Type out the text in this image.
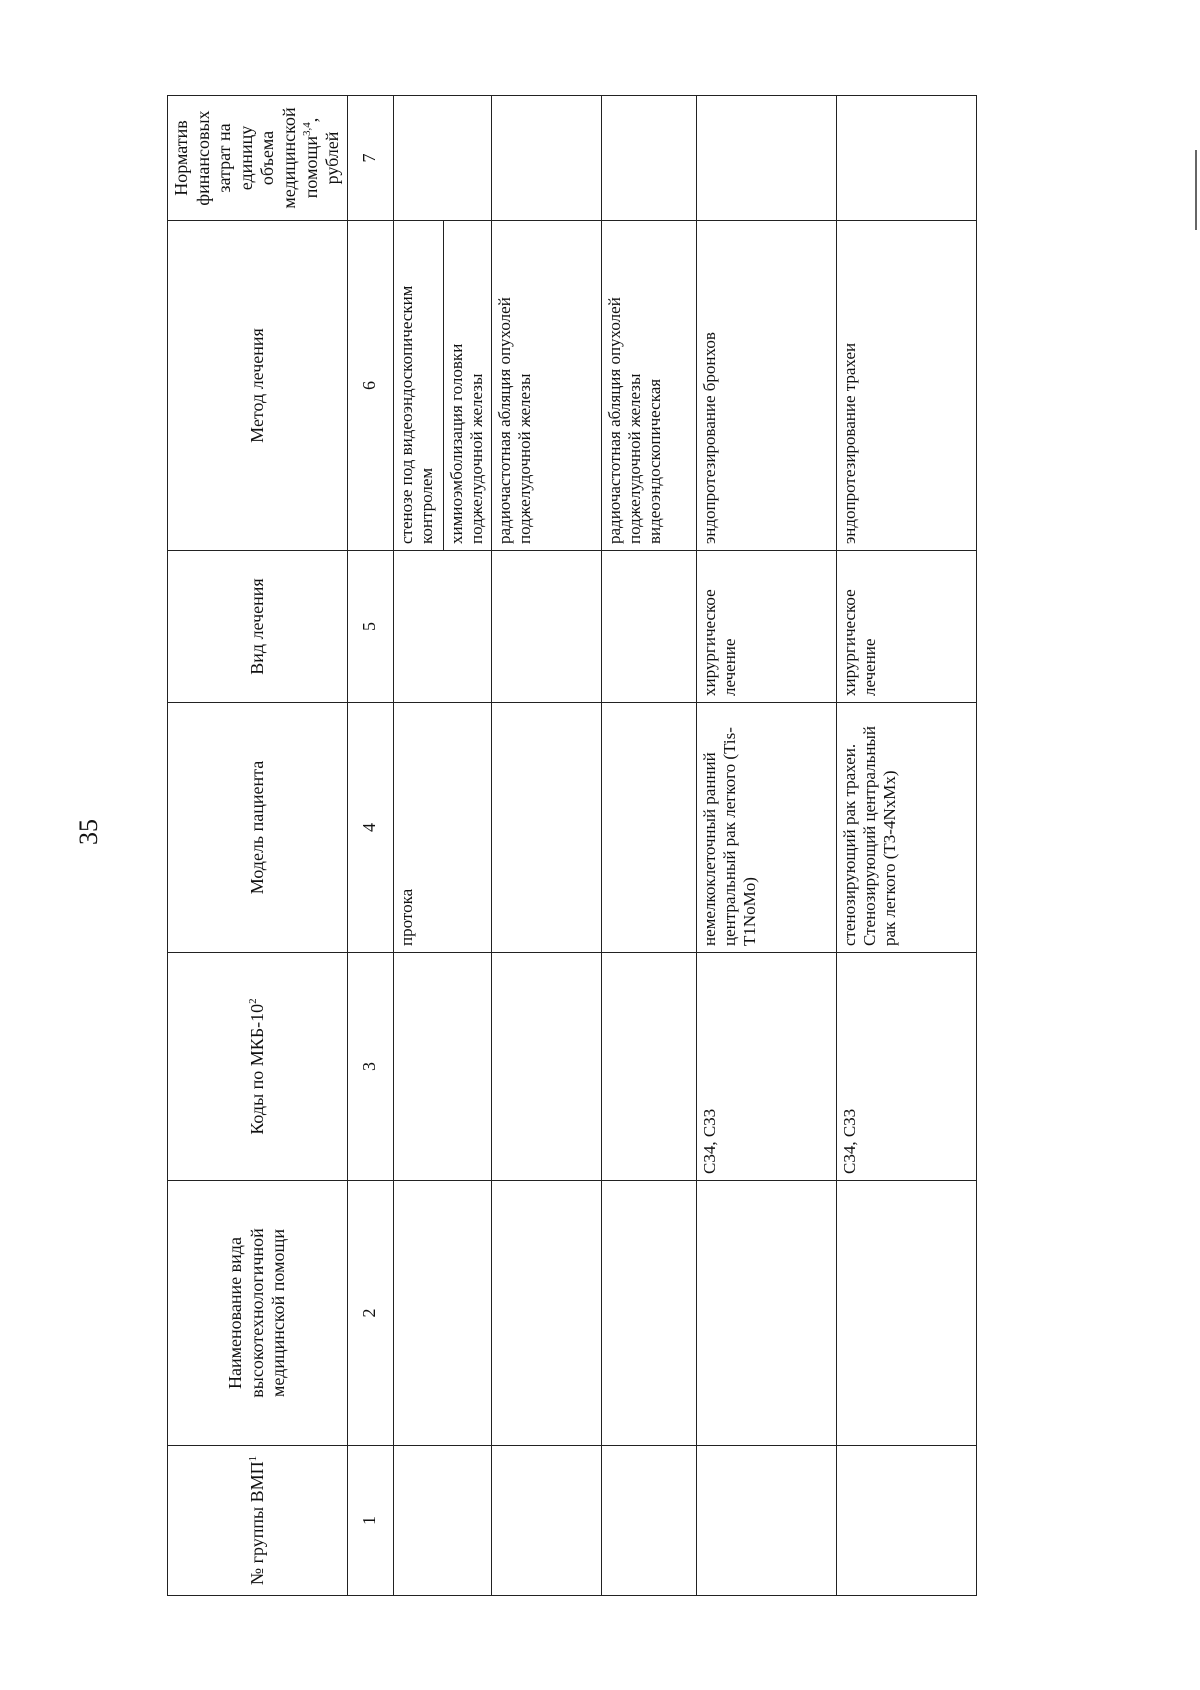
35
№ группы ВМП$^1$	Наименование вида высокотехнологичной медицинской помощи	Коды по МКБ-$10^2$	Модель пациента	Вид лечения	Метод лечения	Норматив финансовых затрат на единицу объема медицинской помощи$^{3,4}$, рублей
1	2	3	4	5	6	7
			протока		стенозе под видеоэндоскопическим контролем	
					химиоэмболизация головки поджелудочной железы	
					радиочастотная абляция опухолей поджелудочной железы	
					радиочастотная абляция опухолей поджелудочной железы видеоэндоскопическая	
		C34, C33	немелкоклеточный ранний центральный рак легкого (Tis-T1NoMo)	хирургическое лечение	эндопротезирование бронхов	
		C34, C33	стенозирующий рак трахеи. Стенозирующий центральный рак легкого (T3-4NxMx)	хирургическое лечение	эндопротезирование трахеи	
